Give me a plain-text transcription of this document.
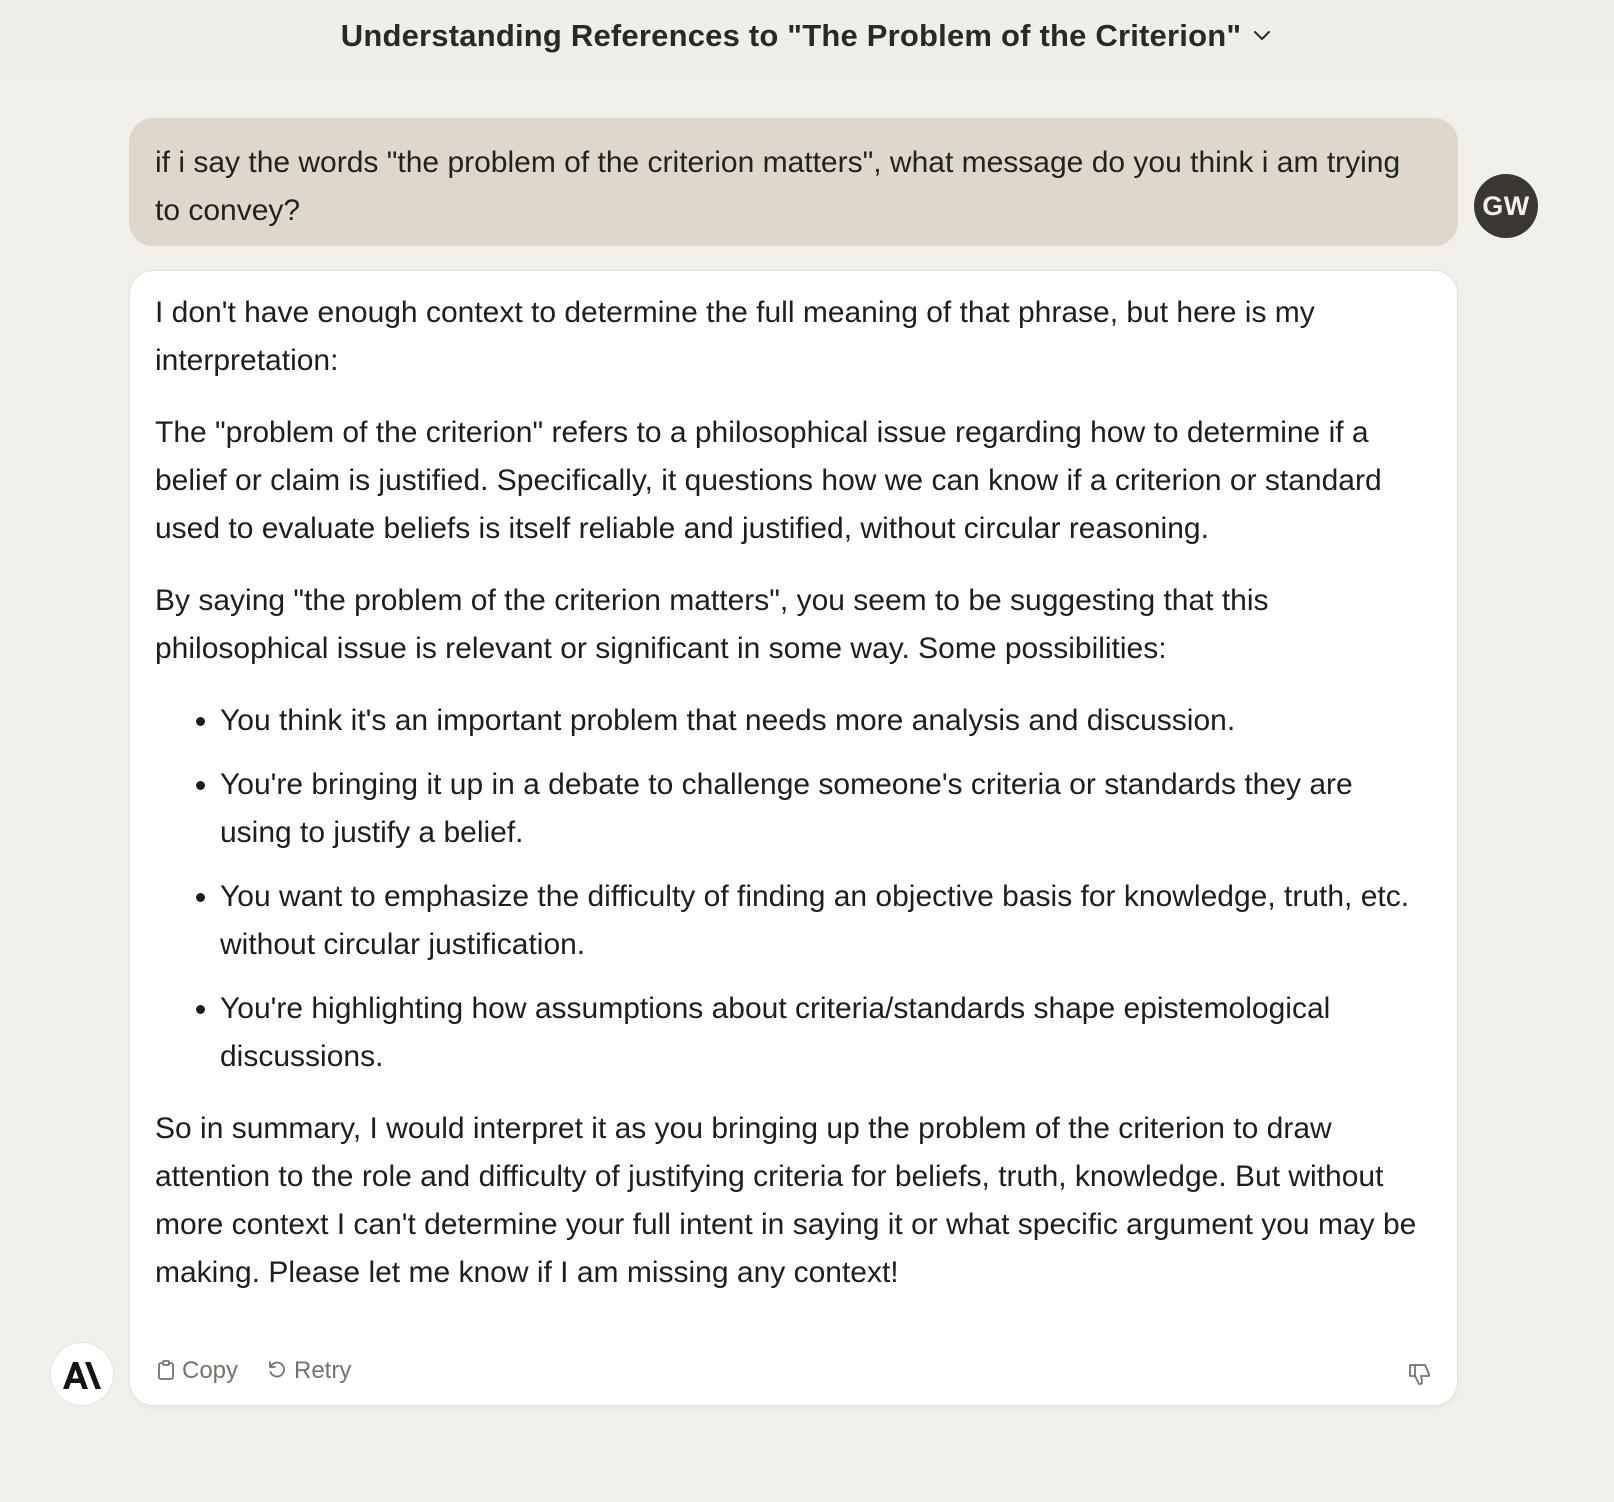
Understanding References to "The Problem of the Criterion"
if i say the words "the problem of the criterion matters", what message do you think i am trying to convey?	GW

I don't have enough context to determine the full meaning of that phrase, but here is my interpretation:

The "problem of the criterion" refers to a philosophical issue regarding how to determine if a belief or claim is justified. Specifically, it questions how we can know if a criterion or standard used to evaluate beliefs is itself reliable and justified, without circular reasoning.

By saying "the problem of the criterion matters", you seem to be suggesting that this philosophical issue is relevant or significant in some way. Some possibilities:

• You think it's an important problem that needs more analysis and discussion.
• You're bringing it up in a debate to challenge someone's criteria or standards they are using to justify a belief.
• You want to emphasize the difficulty of finding an objective basis for knowledge, truth, etc. without circular justification.
• You're highlighting how assumptions about criteria/standards shape epistemological discussions.

So in summary, I would interpret it as you bringing up the problem of the criterion to draw attention to the role and difficulty of justifying criteria for beliefs, truth, knowledge. But without more context I can't determine your full intent in saying it or what specific argument you may be making. Please let me know if I am missing any context!

Copy	Retry
